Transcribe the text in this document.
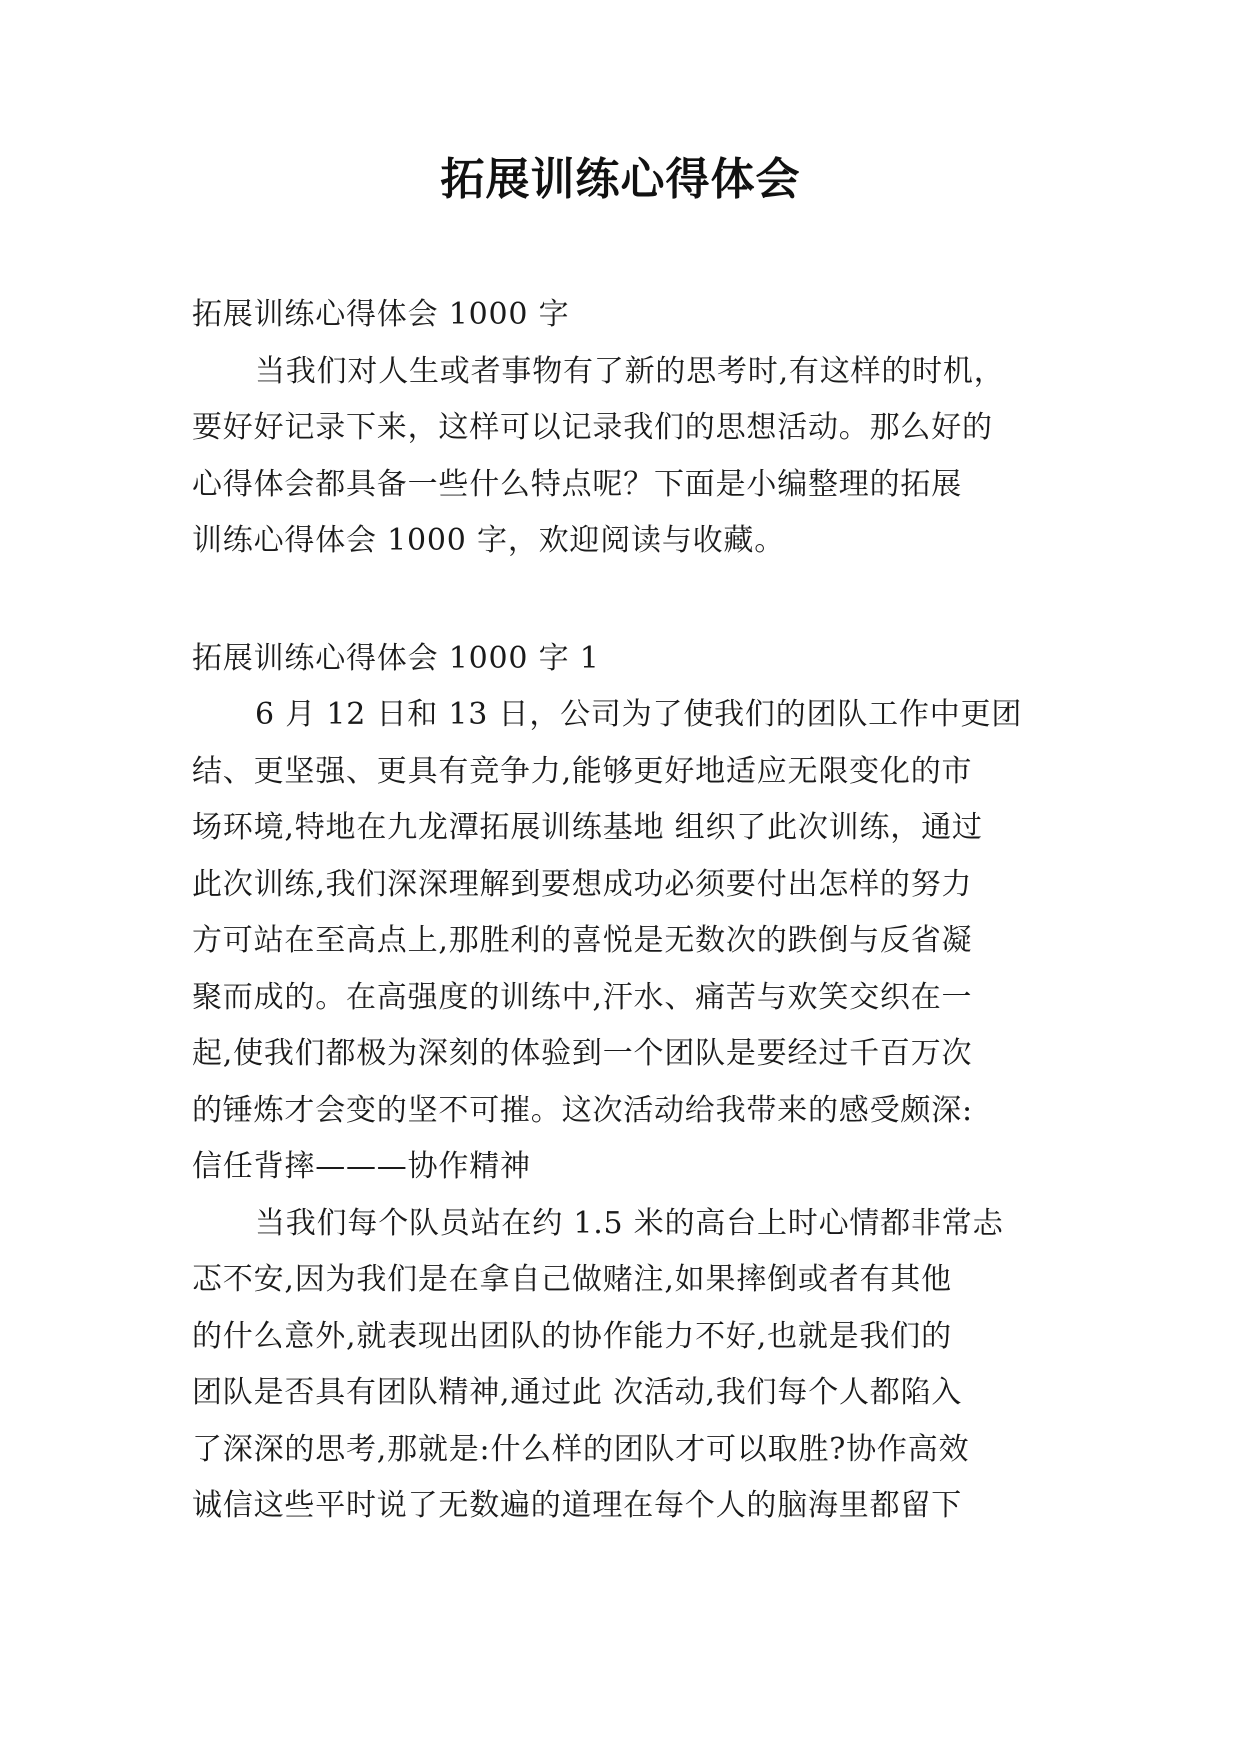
拓展训练心得体会

拓展训练心得体会 1000 字

当我们对人生或者事物有了新的思考时,有这样的时机，
要好好记录下来，这样可以记录我们的思想活动。那么好的
心得体会都具备一些什么特点呢？下面是小编整理的拓展
训练心得体会 1000 字，欢迎阅读与收藏。

拓展训练心得体会 1000 字 1

6 月 12 日和 13 日，公司为了使我们的团队工作中更团
结、更坚强、更具有竞争力,能够更好地适应无限变化的市
场环境,特地在九龙潭拓展训练基地 组织了此次训练，通过
此次训练,我们深深理解到要想成功必须要付出怎样的努力
方可站在至高点上,那胜利的喜悦是无数次的跌倒与反省凝
聚而成的。在高强度的训练中,汗水、痛苦与欢笑交织在一
起,使我们都极为深刻的体验到一个团队是要经过千百万次
的锤炼才会变的坚不可摧。这次活动给我带来的感受颇深:
信任背摔———协作精神
当我们每个队员站在约 1.5 米的高台上时心情都非常忐
忑不安,因为我们是在拿自己做赌注,如果摔倒或者有其他
的什么意外,就表现出团队的协作能力不好,也就是我们的
团队是否具有团队精神,通过此 次活动,我们每个人都陷入
了深深的思考,那就是:什么样的团队才可以取胜?协作高效
诚信这些平时说了无数遍的道理在每个人的脑海里都留下
